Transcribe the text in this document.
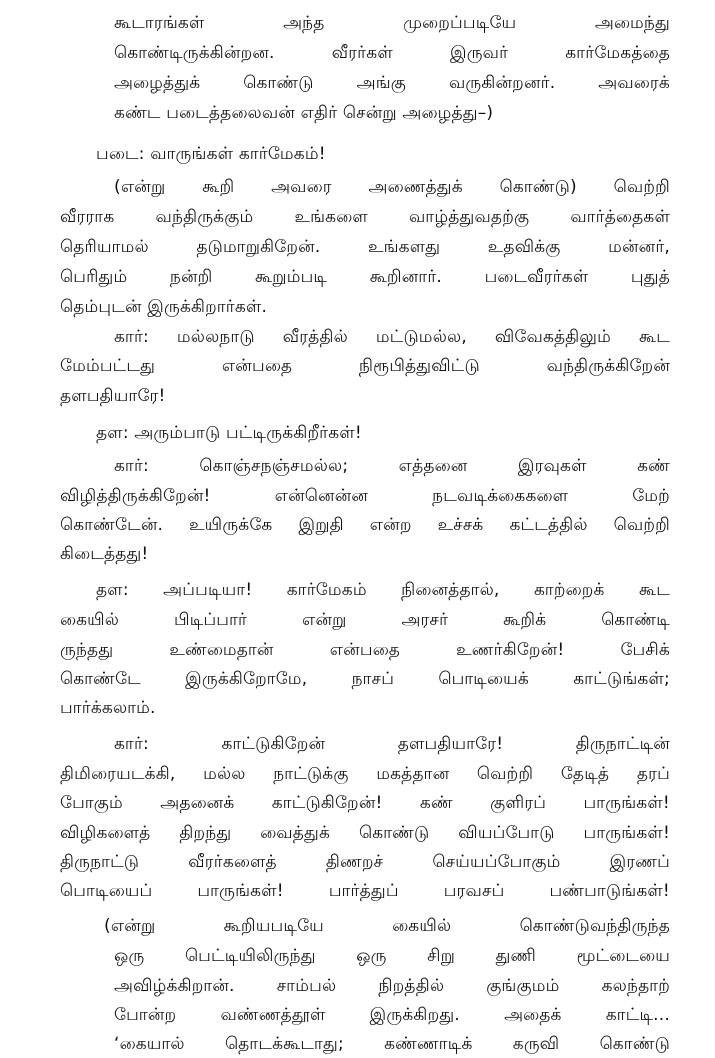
கூடாரங்கள்	அந்த	முறைப்படியே	அமைந்து
கொண்டிருக்கின்றன.	வீரர்கள்	இருவர்	கார்மேகத்தை
அழைத்துக்	கொண்டு	அங்கு	வருகின்றனர்.	அவரைக்
கண்ட படைத்தலைவன் எதிர் சென்று அழைத்து–)
படை: வாருங்கள் கார்மேகம்!
(என்று கூறி அவரை அணைத்துக் கொண்டு) வெற்றி
வீரராக வந்திருக்கும் உங்களை வாழ்த்துவதற்கு வார்த்தைகள்
தெரியாமல்	தடுமாறுகிறேன்.	உங்களது	உதவிக்கு	மன்னர்,
பெரிதும்	நன்றி	கூறும்படி	கூறினார்.	படைவீரர்கள்	புதுத்
தெம்புடன் இருக்கிறார்கள்.
கார்: மல்லநாடு வீரத்தில் மட்டுமல்ல, விவேகத்திலும் கூட
மேம்பட்டது	என்பதை	நிரூபித்துவிட்டு	வந்திருக்கிறேன்
தளபதியாரே!
தள: அரும்பாடு பட்டிருக்கிறீர்கள்!
கார்:	கொஞ்சநஞ்சமல்ல;	எத்தனை	இரவுகள்	கண்
விழித்திருக்கிறேன்!	என்னென்ன	நடவடிக்கைகளை	மேற்
கொண்டேன். உயிருக்கே இறுதி என்ற உச்சக் கட்டத்தில் வெற்றி
கிடைத்தது!
தள: அப்படியா! கார்மேகம் நினைத்தால், காற்றைக் கூட
கையில்	பிடிப்பார்	என்று	அரசர்	கூறிக்	கொண்டி
ருந்தது	உண்மைதான்	என்பதை	உணர்கிறேன்!	பேசிக்
கொண்டே	இருக்கிறோமே,	நாசப்	பொடியைக்	காட்டுங்கள்;
பார்க்கலாம்.
கார்:	காட்டுகிறேன்	தளபதியாரே!	திருநாட்டின்
திமிரையடக்கி, மல்ல நாட்டுக்கு மகத்தான வெற்றி தேடித் தரப்
போகும் அதனைக் காட்டுகிறேன்! கண் குளிரப் பாருங்கள்!
விழிகளைத் திறந்து வைத்துக் கொண்டு வியப்போடு பாருங்கள்!
திருநாட்டு	வீரர்களைத்	திணறச்	செய்யப்போகும்	இரணப்
பொடியைப்	பாருங்கள்!	பார்த்துப்	பரவசப்	பண்பாடுங்கள்!
(என்று	கூறியபடியே	கையில்	கொண்டுவந்திருந்த
ஒரு பெட்டியிலிருந்து ஒரு சிறு துணி மூட்டையை
அவிழ்க்கிறான். சாம்பல் நிறத்தில் குங்குமம் கலந்தாற்
போன்ற	வண்ணத்தூள்	இருக்கிறது.	அதைக்	காட்டி...
‘கையால் தொடக்கூடாது; கண்ணாடிக் கருவி கொண்டு
